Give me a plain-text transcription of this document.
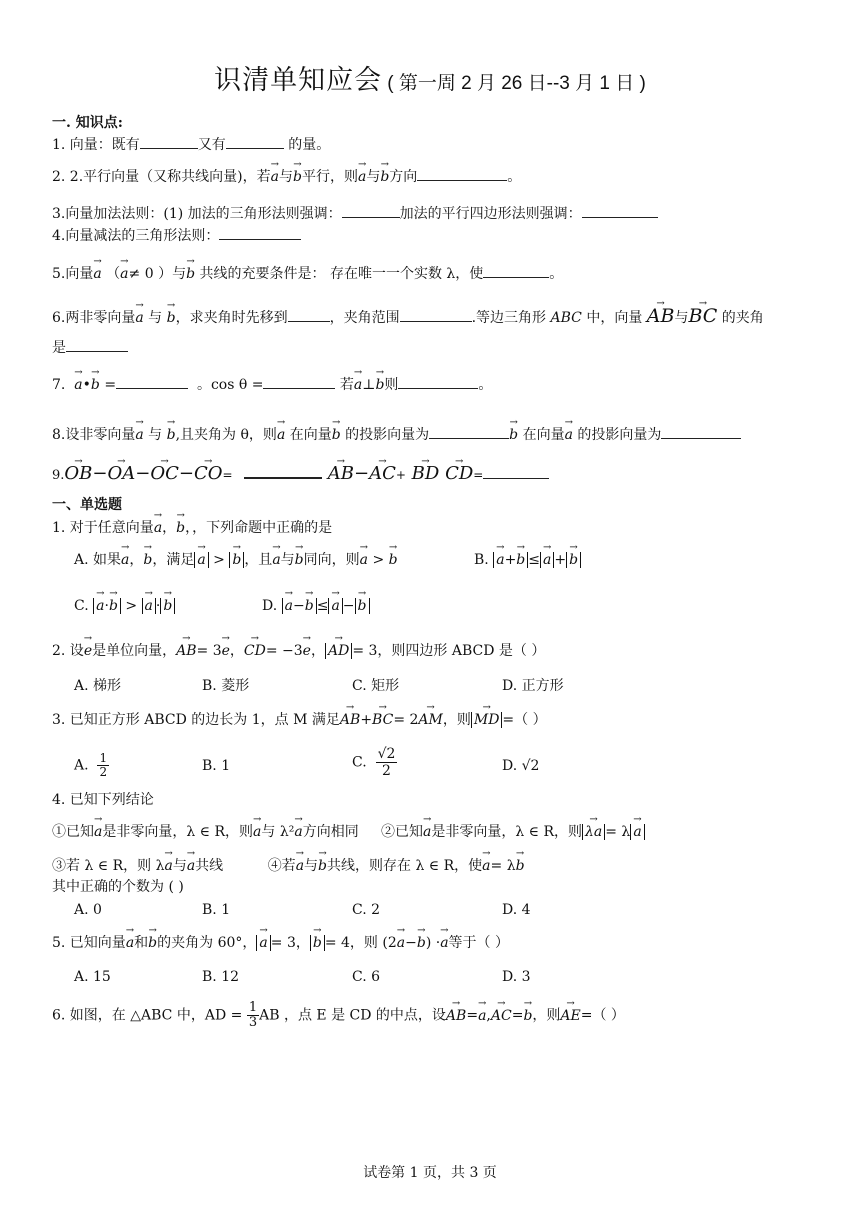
识清单知应会 ( 第一周 2 月 26 日--3 月 1 日 )
一. 知识点:
1. 向量：既有	又有	的量。
2. 2.平行向量（又称共线向量)，若→ a与→ b平行，则→ a与→ b方向	。
3.向量加法法则：(1) 加法的三角形法则强调：	加法的平行四边形法则强调：
4.向量减法的三角形法则：
5.向量→ a （→ a≠ 0 ）与→ b 共线的充要条件是： 存在唯一一个实数 λ，使	。
6.两非零向量→ a 与 → b，求夹角时先移到	，夹角范围	.等边三角形 ABC 中，向量 → AB与→ BC 的夹角
是
7. → a•→ b =	。cos θ =	若→ a⊥→ b则	。
8.设非零向量→ a 与 → b,且夹角为 θ，则→ a 在向量→ b 的投影向量为	→ b 在向量→ a 的投影向量为
9.→ OB−→ OA−→ OC−→ CO=	→ AB−→ AC+ → BD → CD=
一、单选题
1. 对于任意向量→ a，→ b，，下列命题中正确的是
A. 如果→ a，→ b，满足 → a > → b ，且→ a与→ b同向，则→ a > → b	B. → a+→ b ≤ → a + → b
C. → a·→ b > → a · → b	D. → a−→ b ≤ → a − → b
2. 设→ e是单位向量，→ AB= 3→ e，→ CD= −3→ e， → AD = 3，则四边形 ABCD 是（ ）
A. 梯形	B. 菱形	C. 矩形	D. 正方形
3. 已知正方形 ABCD 的边长为 1，点 M 满足→ AB+→ BC= 2→ AM，则 → MD =（ ）
A. $\frac{1}{2}$	B. 1	C. $\frac{√2}{2}$	D. √2
4. 已知下列结论
①已知→ a是非零向量，λ ∈ R，则→ a与 λ²→ a方向相同 ②已知→ a是非零向量，λ ∈ R，则 → λa = λ → a
③若 λ ∈ R，则 λ→ a与→ a共线	④若→ a与→ b共线，则存在 λ ∈ R，使→ a= λ→ b
其中正确的个数为 ( )
A. 0	B. 1	C. 2	D. 4
5. 已知向量→ a和→ b的夹角为 60°， → a = 3， → b = 4，则 (2→ a−→ b) ·→ a等于（ ）
A. 15	B. 12	C. 6	D. 3
6. 如图，在 △ABC 中，AD = $\frac{1}{3}$ AB ，点 E 是 CD 的中点，设→ AB=→ a,→ AC=→ b，则→ AE=（ ）
试卷第 1 页，共 3 页
